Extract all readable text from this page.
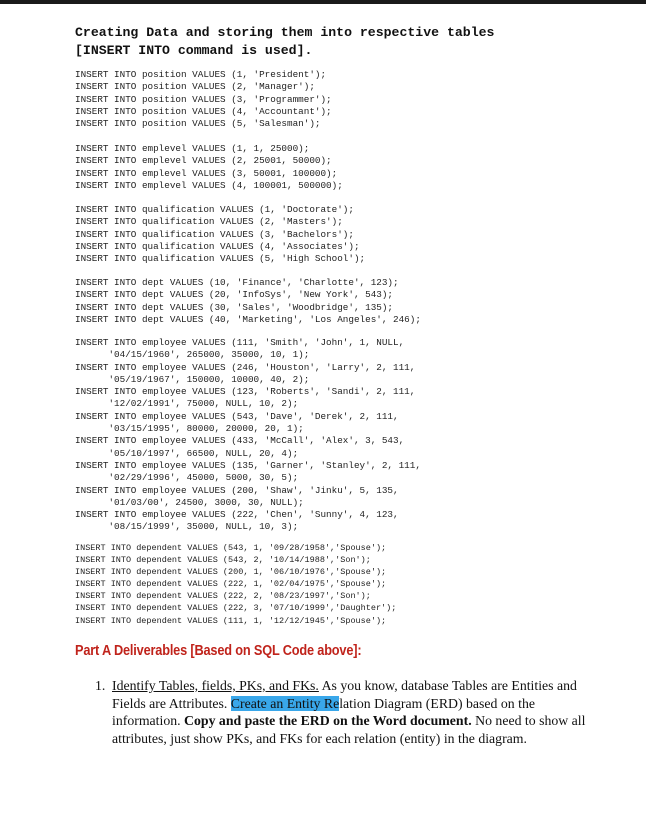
Creating Data and storing them into respective tables
[INSERT INTO command is used].
INSERT INTO position VALUES (1, 'President');
INSERT INTO position VALUES (2, 'Manager');
INSERT INTO position VALUES (3, 'Programmer');
INSERT INTO position VALUES (4, 'Accountant');
INSERT INTO position VALUES (5, 'Salesman');
INSERT INTO emplevel VALUES (1, 1, 25000);
INSERT INTO emplevel VALUES (2, 25001, 50000);
INSERT INTO emplevel VALUES (3, 50001, 100000);
INSERT INTO emplevel VALUES (4, 100001, 500000);
INSERT INTO qualification VALUES (1, 'Doctorate');
INSERT INTO qualification VALUES (2, 'Masters');
INSERT INTO qualification VALUES (3, 'Bachelors');
INSERT INTO qualification VALUES (4, 'Associates');
INSERT INTO qualification VALUES (5, 'High School');
INSERT INTO dept VALUES (10, 'Finance', 'Charlotte', 123);
INSERT INTO dept VALUES (20, 'InfoSys', 'New York', 543);
INSERT INTO dept VALUES (30, 'Sales', 'Woodbridge', 135);
INSERT INTO dept VALUES (40, 'Marketing', 'Los Angeles', 246);
INSERT INTO employee VALUES (111, 'Smith', 'John', 1, NULL,
'04/15/1960', 265000, 35000, 10, 1);
INSERT INTO employee VALUES (246, 'Houston', 'Larry', 2, 111,
'05/19/1967', 150000, 10000, 40, 2);
INSERT INTO employee VALUES (123, 'Roberts', 'Sandi', 2, 111,
'12/02/1991', 75000, NULL, 10, 2);
INSERT INTO employee VALUES (543, 'Dave', 'Derek', 2, 111,
'03/15/1995', 80000, 20000, 20, 1);
INSERT INTO employee VALUES (433, 'McCall', 'Alex', 3, 543,
'05/10/1997', 66500, NULL, 20, 4);
INSERT INTO employee VALUES (135, 'Garner', 'Stanley', 2, 111,
'02/29/1996', 45000, 5000, 30, 5);
INSERT INTO employee VALUES (200, 'Shaw', 'Jinku', 5, 135,
'01/03/00', 24500, 3000, 30, NULL);
INSERT INTO employee VALUES (222, 'Chen', 'Sunny', 4, 123,
'08/15/1999', 35000, NULL, 10, 3);
INSERT INTO dependent VALUES (543, 1, '09/28/1958','Spouse');
INSERT INTO dependent VALUES (543, 2, '10/14/1988','Son');
INSERT INTO dependent VALUES (200, 1, '06/10/1976','Spouse');
INSERT INTO dependent VALUES (222, 1, '02/04/1975','Spouse');
INSERT INTO dependent VALUES (222, 2, '08/23/1997','Son');
INSERT INTO dependent VALUES (222, 3, '07/10/1999','Daughter');
INSERT INTO dependent VALUES (111, 1, '12/12/1945','Spouse');
Part A Deliverables [Based on SQL Code above]:
1. Identify Tables, fields, PKs, and FKs. As you know, database Tables are Entities and Fields are Attributes. Create an Entity Relation Diagram (ERD) based on the information. Copy and paste the ERD on the Word document. No need to show all attributes, just show PKs, and FKs for each relation (entity) in the diagram.
